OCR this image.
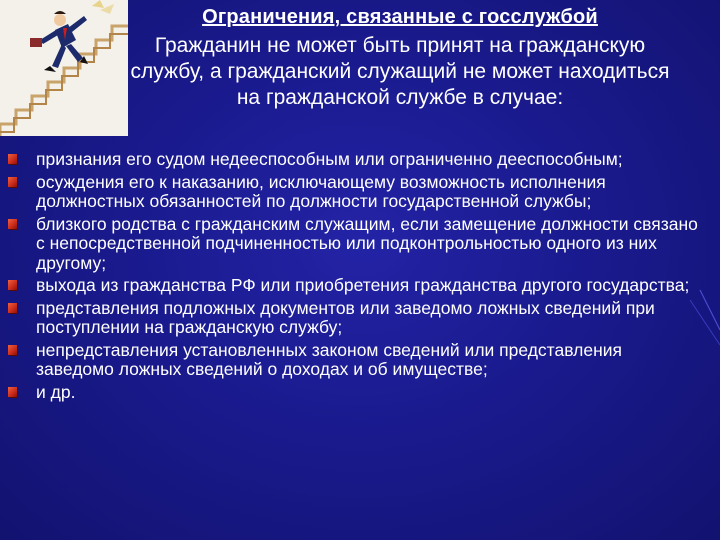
Ограничения, связанные с госслужбой
Гражданин не может быть принят на гражданскую службу, а гражданский служащий не может находиться на гражданской службе в случае:
признания его судом недееспособным или ограниченно дееспособным;
осуждения его к наказанию, исключающему возможность исполнения должностных обязанностей по должности государственной службы;
близкого родства с гражданским служащим, если замещение должности связано с непосредственной подчиненностью или подконтрольностью одного из них другому;
выхода из гражданства РФ или приобретения гражданства другого государства;
представления подложных документов или заведомо ложных сведений при поступлении на гражданскую службу;
непредставления установленных законом сведений или представления заведомо ложных сведений о доходах и об имуществе;
и др.
